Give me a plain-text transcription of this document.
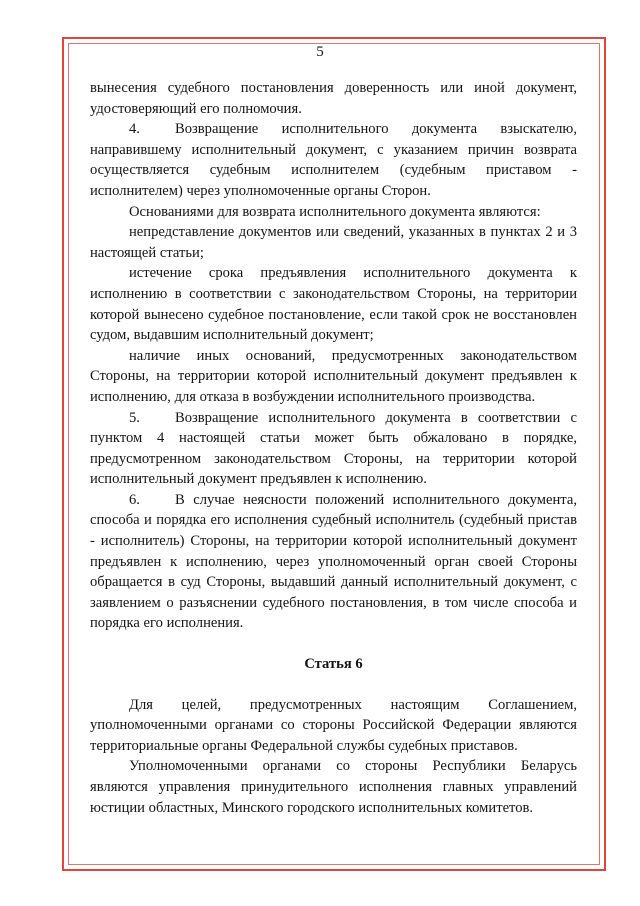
5

вынесения судебного постановления доверенность или иной документ, удостоверяющий его полномочия.

4. Возвращение исполнительного документа взыскателю, направившему исполнительный документ, с указанием причин возврата осуществляется судебным исполнителем (судебным приставом - исполнителем) через уполномоченные органы Сторон.

Основаниями для возврата исполнительного документа являются:

непредставление документов или сведений, указанных в пунктах 2 и 3 настоящей статьи;

истечение срока предъявления исполнительного документа к исполнению в соответствии с законодательством Стороны, на территории которой вынесено судебное постановление, если такой срок не восстановлен судом, выдавшим исполнительный документ;

наличие иных оснований, предусмотренных законодательством Стороны, на территории которой исполнительный документ предъявлен к исполнению, для отказа в возбуждении исполнительного производства.

5. Возвращение исполнительного документа в соответствии с пунктом 4 настоящей статьи может быть обжаловано в порядке, предусмотренном законодательством Стороны, на территории которой исполнительный документ предъявлен к исполнению.

6. В случае неясности положений исполнительного документа, способа и порядка его исполнения судебный исполнитель (судебный пристав - исполнитель) Стороны, на территории которой исполнительный документ предъявлен к исполнению, через уполномоченный орган своей Стороны обращается в суд Стороны, выдавший данный исполнительный документ, с заявлением о разъяснении судебного постановления, в том числе способа и порядка его исполнения.

Статья 6

Для целей, предусмотренных настоящим Соглашением, уполномоченными органами со стороны Российской Федерации являются территориальные органы Федеральной службы судебных приставов.

Уполномоченными органами со стороны Республики Беларусь являются управления принудительного исполнения главных управлений юстиции областных, Минского городского исполнительных комитетов.
